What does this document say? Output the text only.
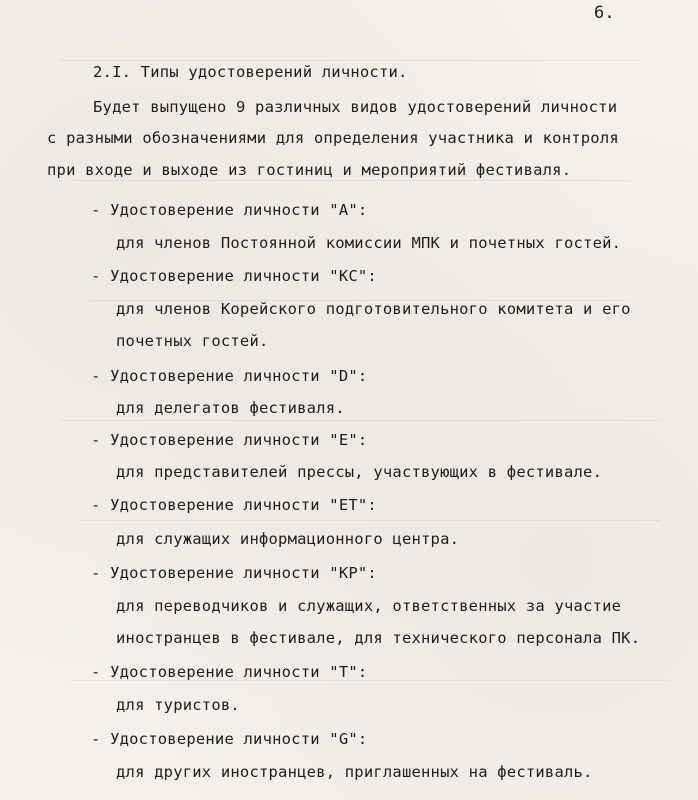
6.
2.I. Типы удостоверений личности.
Будет выпущено 9 различных видов удостоверений личности
с разными обозначениями для определения участника и контроля
при входе и выходе из гостиниц и мероприятий фестиваля.
- Удостоверение личности "A":
для членов Постоянной комиссии МПК и почетных гостей.
- Удостоверение личности "КС":
для членов Корейского подготовительного комитета и его
почетных гостей.
- Удостоверение личности "D":
для делегатов фестиваля.
- Удостоверение личности "E":
для представителей прессы, участвующих в фестивале.
- Удостоверение личности "ET":
для служащих информационного центра.
- Удостоверение личности "КР":
для переводчиков и служащих, ответственных за участие
иностранцев в фестивале, для технического персонала ПК.
- Удостоверение личности "T":
для туристов.
- Удостоверение личности "G":
для других иностранцев, приглашенных на фестиваль.
